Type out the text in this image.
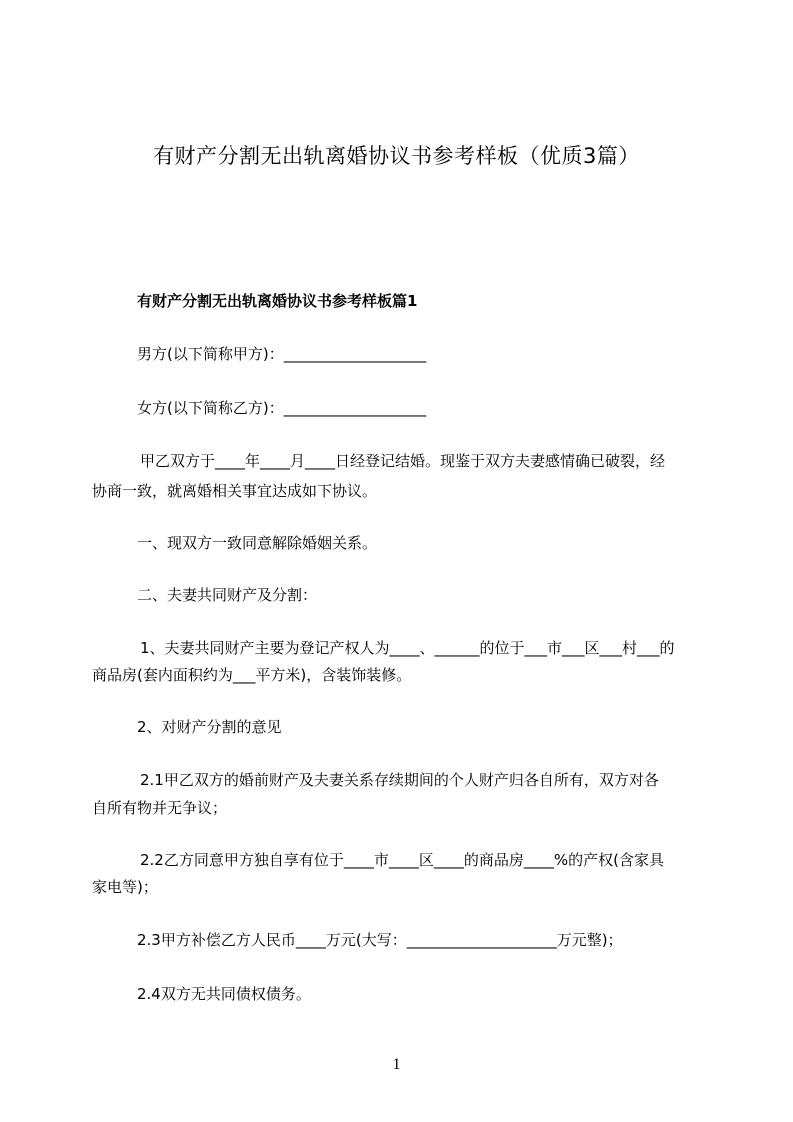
有财产分割无出轨离婚协议书参考样板（优质3篇）
有财产分割无出轨离婚协议书参考样板篇1
男方(以下简称甲方)：___________________
女方(以下简称乙方)：___________________
甲乙双方于____年____月____日经登记结婚。现鉴于双方夫妻感情确已破裂，经
协商一致，就离婚相关事宜达成如下协议。
一、现双方一致同意解除婚姻关系。
二、夫妻共同财产及分割：
1、夫妻共同财产主要为登记产权人为____、______的位于___市___区___村___的
商品房(套内面积约为___平方米)，含装饰装修。
2、对财产分割的意见
2.1甲乙双方的婚前财产及夫妻关系存续期间的个人财产归各自所有，双方对各
自所有物并无争议；
2.2乙方同意甲方独自享有位于____市____区____的商品房____%的产权(含家具
家电等)；
2.3甲方补偿乙方人民币____万元(大写：____________________万元整)；
2.4双方无共同债权债务。
1
